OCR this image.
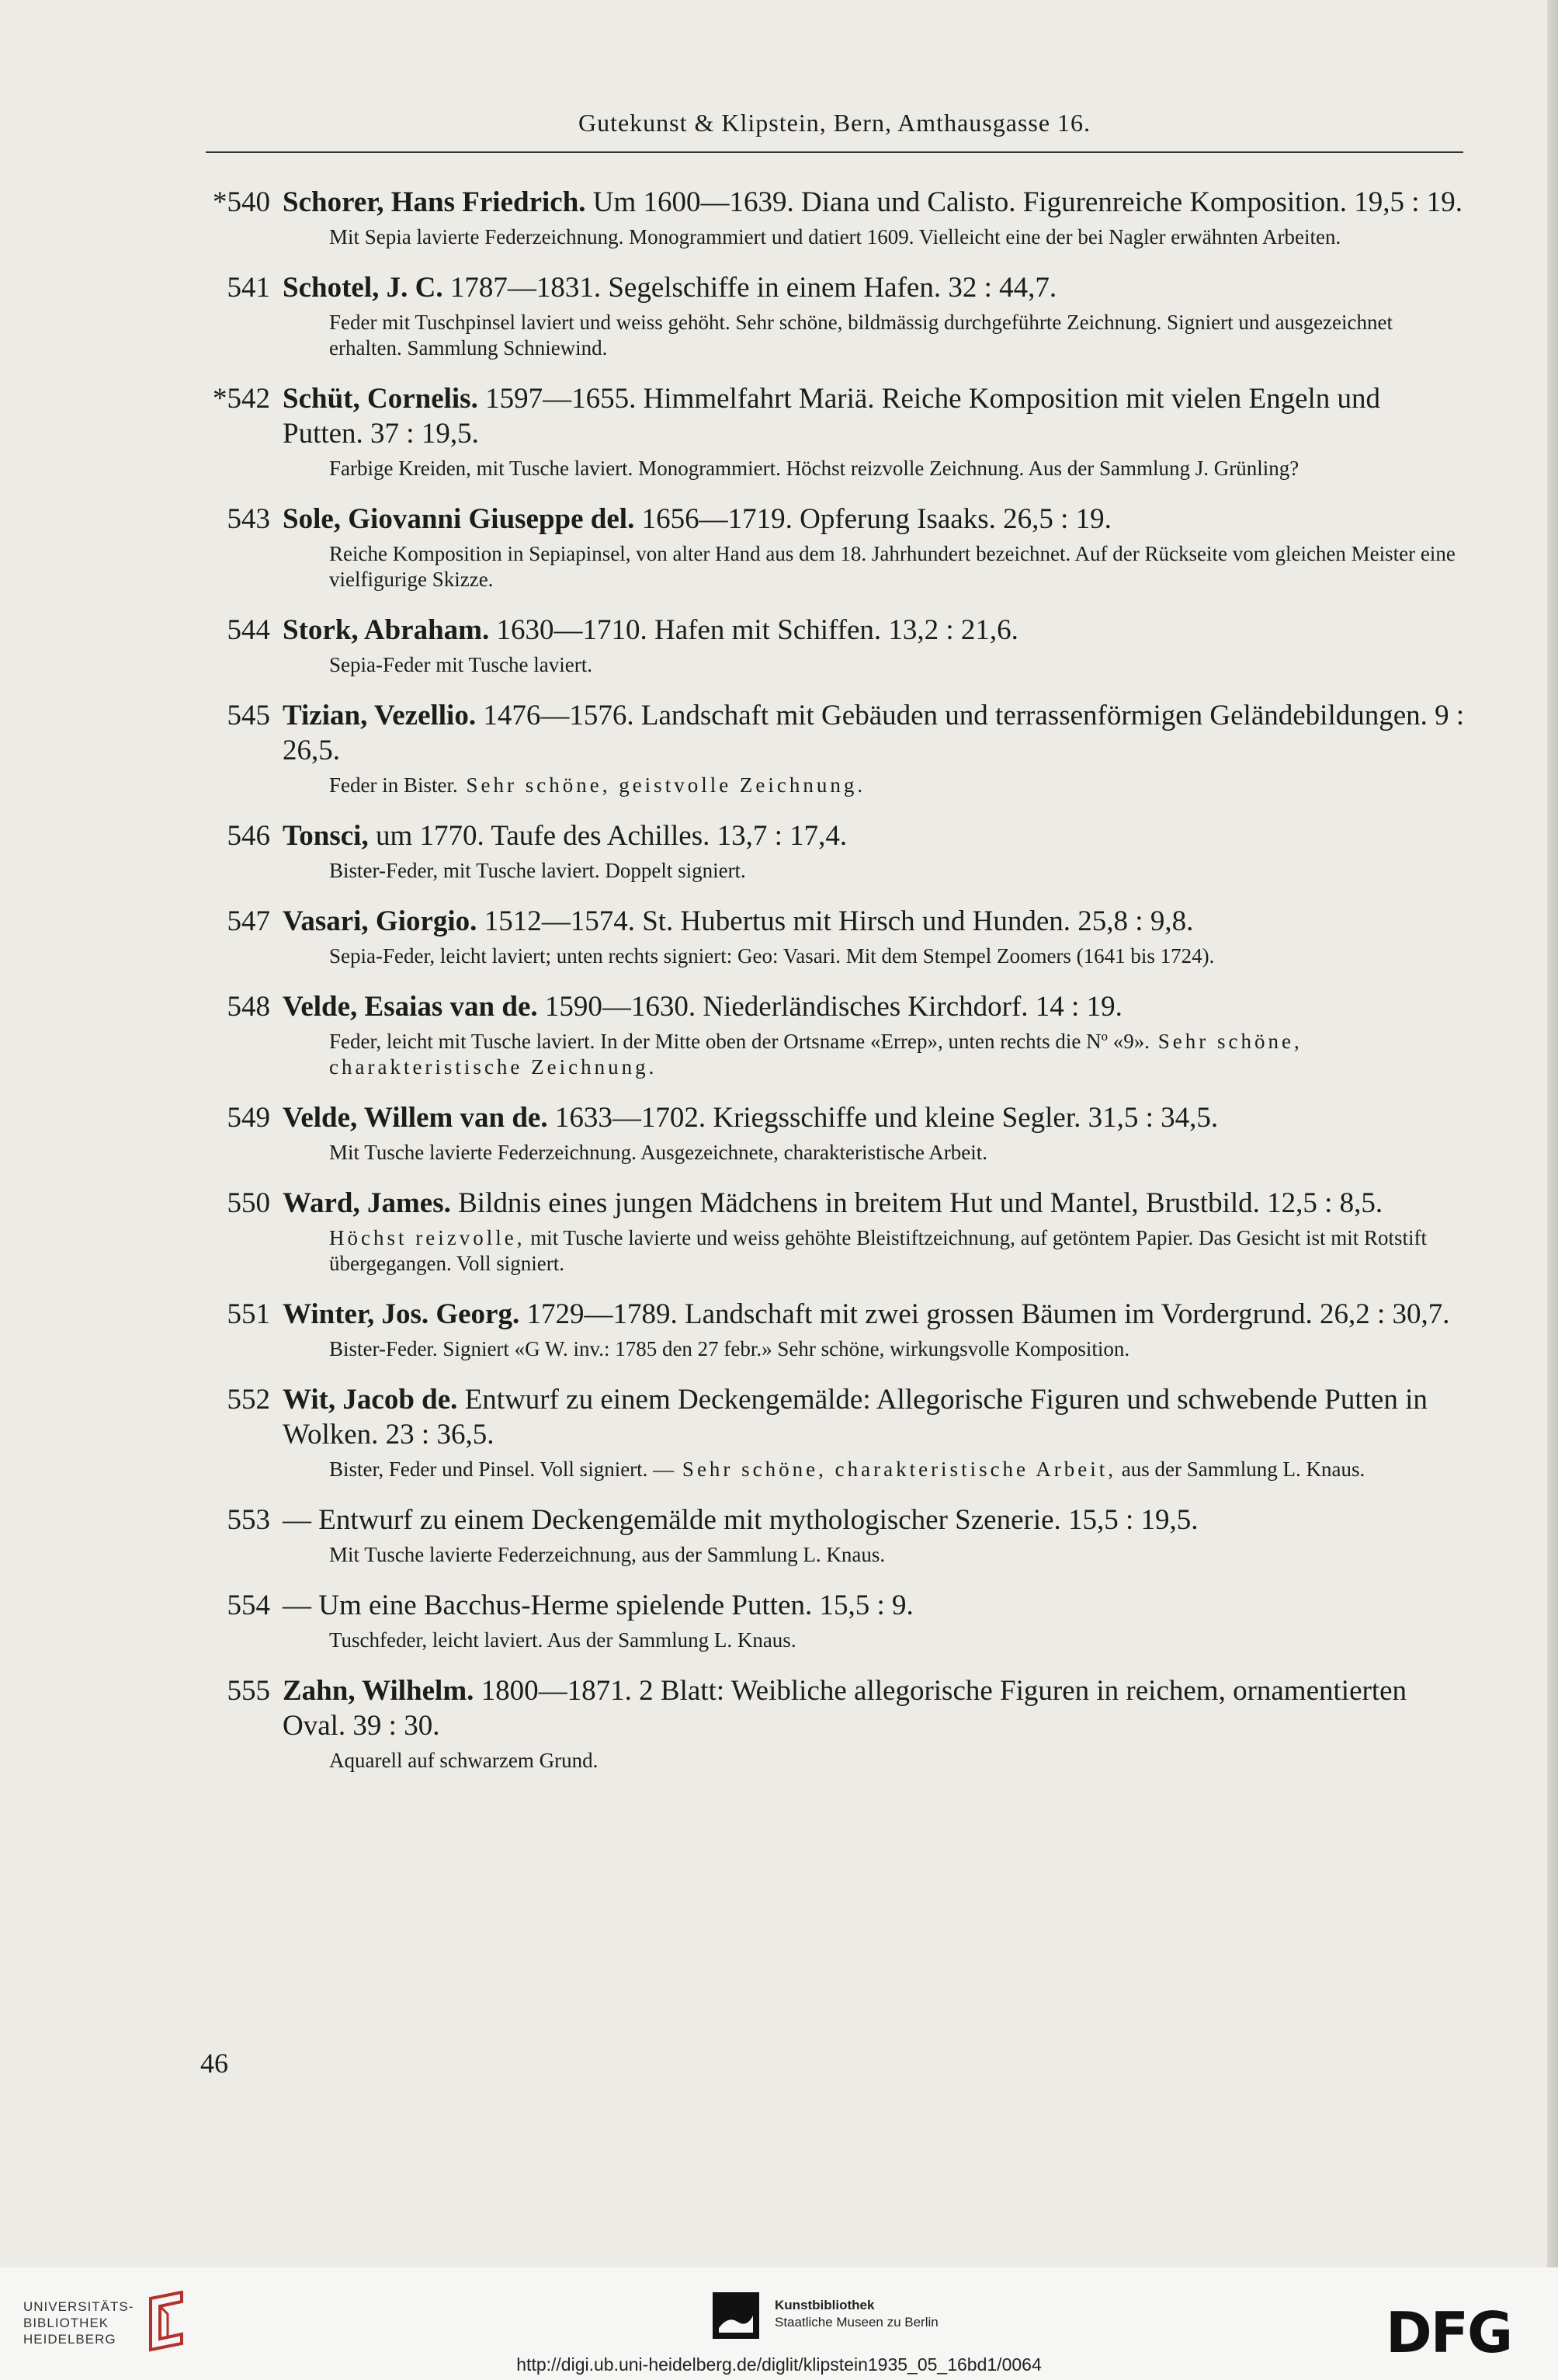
Gutekunst & Klipstein, Bern, Amthausgasse 16.
*540 Schorer, Hans Friedrich. Um 1600—1639. Diana und Calisto. Figurenreiche Komposition. 19,5 : 19.
Mit Sepia lavierte Federzeichnung. Monogrammiert und datiert 1609. Vielleicht eine der bei Nagler erwähnten Arbeiten.
541 Schotel, J. C. 1787—1831. Segelschiffe in einem Hafen. 32 : 44,7.
Feder mit Tuschpinsel laviert und weiss gehöht. Sehr schöne, bildmässig durchgeführte Zeichnung. Signiert und ausgezeichnet erhalten. Sammlung Schniewind.
*542 Schüt, Cornelis. 1597—1655. Himmelfahrt Mariä. Reiche Komposition mit vielen Engeln und Putten. 37 : 19,5.
Farbige Kreiden, mit Tusche laviert. Monogrammiert. Höchst reizvolle Zeichnung. Aus der Sammlung J. Grünling?
543 Sole, Giovanni Giuseppe del. 1656—1719. Opferung Isaaks. 26,5 : 19.
Reiche Komposition in Sepiapinsel, von alter Hand aus dem 18. Jahrhundert bezeichnet. Auf der Rückseite vom gleichen Meister eine vielfigurige Skizze.
544 Stork, Abraham. 1630—1710. Hafen mit Schiffen. 13,2 : 21,6.
Sepia-Feder mit Tusche laviert.
545 Tizian, Vezellio. 1476—1576. Landschaft mit Gebäuden und terrassenförmigen Geländebildungen. 9 : 26,5.
Feder in Bister. Sehr schöne, geistvolle Zeichnung.
546 Tonsci, um 1770. Taufe des Achilles. 13,7 : 17,4.
Bister-Feder, mit Tusche laviert. Doppelt signiert.
547 Vasari, Giorgio. 1512—1574. St. Hubertus mit Hirsch und Hunden. 25,8 : 9,8.
Sepia-Feder, leicht laviert; unten rechts signiert: Geo: Vasari. Mit dem Stempel Zoomers (1641 bis 1724).
548 Velde, Esaias van de. 1590—1630. Niederländisches Kirchdorf. 14 : 19.
Feder, leicht mit Tusche laviert. In der Mitte oben der Ortsname «Errep», unten rechts die Nº «9». Sehr schöne, charakteristische Zeichnung.
549 Velde, Willem van de. 1633—1702. Kriegsschiffe und kleine Segler. 31,5 : 34,5.
Mit Tusche lavierte Federzeichnung. Ausgezeichnete, charakteristische Arbeit.
550 Ward, James. Bildnis eines jungen Mädchens in breitem Hut und Mantel, Brustbild. 12,5 : 8,5.
Höchst reizvolle, mit Tusche lavierte und weiss gehöhte Bleistiftzeichnung, auf getöntem Papier. Das Gesicht ist mit Rotstift übergegangen. Voll signiert.
551 Winter, Jos. Georg. 1729—1789. Landschaft mit zwei grossen Bäumen im Vordergrund. 26,2 : 30,7.
Bister-Feder. Signiert «G W. inv.: 1785 den 27 febr.» Sehr schöne, wirkungsvolle Komposition.
552 Wit, Jacob de. Entwurf zu einem Deckengemälde: Allegorische Figuren und schwebende Putten in Wolken. 23 : 36,5.
Bister, Feder und Pinsel. Voll signiert. — Sehr schöne, charakteristische Arbeit, aus der Sammlung L. Knaus.
553 — Entwurf zu einem Deckengemälde mit mythologischer Szenerie. 15,5 : 19,5.
Mit Tusche lavierte Federzeichnung, aus der Sammlung L. Knaus.
554 — Um eine Bacchus-Herme spielende Putten. 15,5 : 9.
Tuschfeder, leicht laviert. Aus der Sammlung L. Knaus.
555 Zahn, Wilhelm. 1800—1871. 2 Blatt: Weibliche allegorische Figuren in reichem, ornamentierten Oval. 39 : 30.
Aquarell auf schwarzem Grund.
46
UNIVERSITÄTS-
BIBLIOTHEK
HEIDELBERG
Kunstbibliothek
Staatliche Museen zu Berlin	DFG
http://digi.ub.uni-heidelberg.de/diglit/klipstein1935_05_16bd1/0064
